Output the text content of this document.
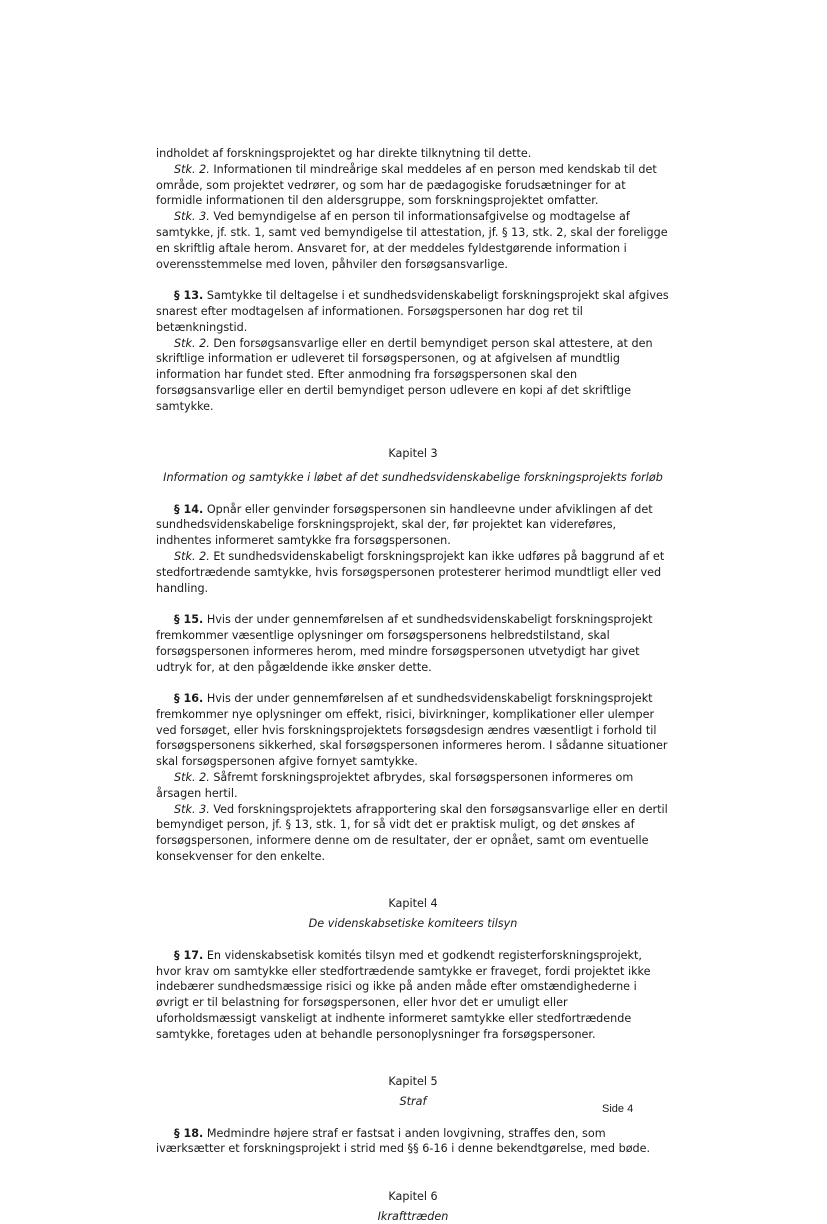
indholdet af forskningsprojektet og har direkte tilknytning til dette.

Stk. 2. Informationen til mindreårige skal meddeles af en person med kendskab til det område, som projektet vedrører, og som har de pædagogiske forudsætninger for at formidle informationen til den aldersgruppe, som forskningsprojektet omfatter.

Stk. 3. Ved bemyndigelse af en person til informationsafgivelse og modtagelse af samtykke, jf. stk. 1, samt ved bemyndigelse til attestation, jf. § 13, stk. 2, skal der foreligge en skriftlig aftale herom. Ansvaret for, at der meddeles fyldestgørende information i overensstemmelse med loven, påhviler den forsøgsansvarlige.

§ 13. Samtykke til deltagelse i et sundhedsvidenskabeligt forskningsprojekt skal afgives snarest efter modtagelsen af informationen. Forsøgspersonen har dog ret til betænkningstid.

Stk. 2. Den forsøgsansvarlige eller en dertil bemyndiget person skal attestere, at den skriftlige information er udleveret til forsøgspersonen, og at afgivelsen af mundtlig information har fundet sted. Efter anmodning fra forsøgspersonen skal den forsøgsansvarlige eller en dertil bemyndiget person udlevere en kopi af det skriftlige samtykke.

Kapitel 3

Information og samtykke i løbet af det sundhedsvidenskabelige forskningsprojekts forløb

§ 14. Opnår eller genvinder forsøgspersonen sin handleevne under afviklingen af det sundhedsvidenskabelige forskningsprojekt, skal der, før projektet kan videreføres, indhentes informeret samtykke fra forsøgspersonen.

Stk. 2. Et sundhedsvidenskabeligt forskningsprojekt kan ikke udføres på baggrund af et stedfortrædende samtykke, hvis forsøgspersonen protesterer herimod mundtligt eller ved handling.

§ 15. Hvis der under gennemførelsen af et sundhedsvidenskabeligt forskningsprojekt fremkommer væsentlige oplysninger om forsøgspersonens helbredstilstand, skal forsøgspersonen informeres herom, med mindre forsøgspersonen utvetydigt har givet udtryk for, at den pågældende ikke ønsker dette.

§ 16. Hvis der under gennemførelsen af et sundhedsvidenskabeligt forskningsprojekt fremkommer nye oplysninger om effekt, risici, bivirkninger, komplikationer eller ulemper ved forsøget, eller hvis forskningsprojektets forsøgsdesign ændres væsentligt i forhold til forsøgspersonens sikkerhed, skal forsøgspersonen informeres herom. I sådanne situationer skal forsøgspersonen afgive fornyet samtykke.

Stk. 2. Såfremt forskningsprojektet afbrydes, skal forsøgspersonen informeres om årsagen hertil.

Stk. 3. Ved forskningsprojektets afrapportering skal den forsøgsansvarlige eller en dertil bemyndiget person, jf. § 13, stk. 1, for så vidt det er praktisk muligt, og det ønskes af forsøgspersonen, informere denne om de resultater, der er opnået, samt om eventuelle konsekvenser for den enkelte.

Kapitel 4

De videnskabsetiske komiteers tilsyn

§ 17. En videnskabsetisk komités tilsyn med et godkendt registerforskningsprojekt, hvor krav om samtykke eller stedfortrædende samtykke er fraveget, fordi projektet ikke indebærer sundhedsmæssige risici og ikke på anden måde efter omstændighederne i øvrigt er til belastning for forsøgspersonen, eller hvor det er umuligt eller uforholdsmæssigt vanskeligt at indhente informeret samtykke eller stedfortrædende samtykke, foretages uden at behandle personoplysninger fra forsøgspersoner.

Kapitel 5

Straf

§ 18. Medmindre højere straf er fastsat i anden lovgivning, straffes den, som iværksætter et forskningsprojekt i strid med §§ 6-16 i denne bekendtgørelse, med bøde.

Kapitel 6

Ikrafttræden

Side 4
